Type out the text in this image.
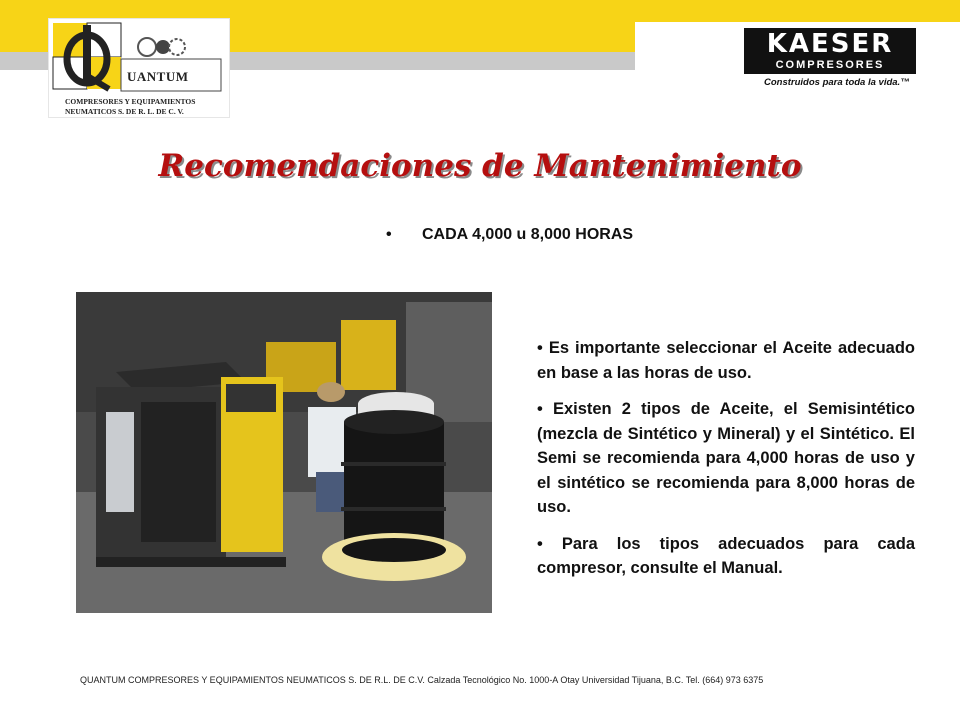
UANTUM
COMPRESORES Y EQUIPAMIENTOS
NEUMATICOS S. DE R. L. DE C. V.
KAESER
COMPRESORES
Construidos para toda la vida.™
Recomendaciones de Mantenimiento
• CADA 4,000 u 8,000 HORAS

• Es importante seleccionar el Aceite adecuado en base a las horas de uso.

• Existen 2 tipos de Aceite, el Semisintético (mezcla de Sintético y Mineral) y el Sintético. El Semi se recomienda para 4,000 horas de uso y el sintético se recomienda para 8,000 horas de uso.

• Para los tipos adecuados para cada compresor, consulte el Manual.

QUANTUM COMPRESORES Y EQUIPAMIENTOS NEUMATICOS S. DE R.L. DE C.V. Calzada Tecnológico No. 1000-A Otay Universidad Tijuana, B.C. Tel. (664) 973 6375
